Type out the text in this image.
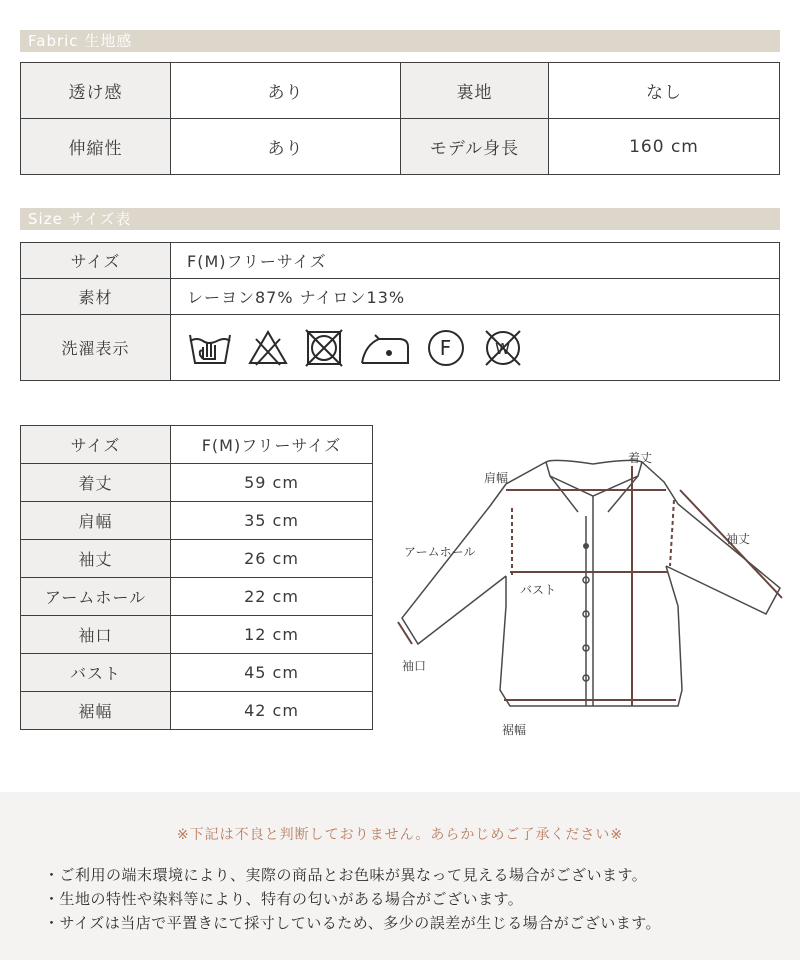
Fabric 生地感
透け感	あり	裏地	なし
伸縮性	あり	モデル身長	160 cm
Size サイズ表
サイズ	F(M)フリーサイズ
素材	レーヨン87% ナイロン13%
洗濯表示	F W
サイズ	F(M)フリーサイズ
着丈	59 cm
肩幅	35 cm
袖丈	26 cm
アームホール	22 cm
袖口	12 cm
バスト	45 cm
裾幅	42 cm
着丈
肩幅
袖丈
アームホール
バスト
袖口
裾幅
※下記は不良と判断しておりません。あらかじめご了承ください※
・ご利用の端末環境により、実際の商品とお色味が異なって見える場合がございます。
・生地の特性や染料等により、特有の匂いがある場合がございます。
・サイズは当店で平置きにて採寸しているため、多少の誤差が生じる場合がございます。
